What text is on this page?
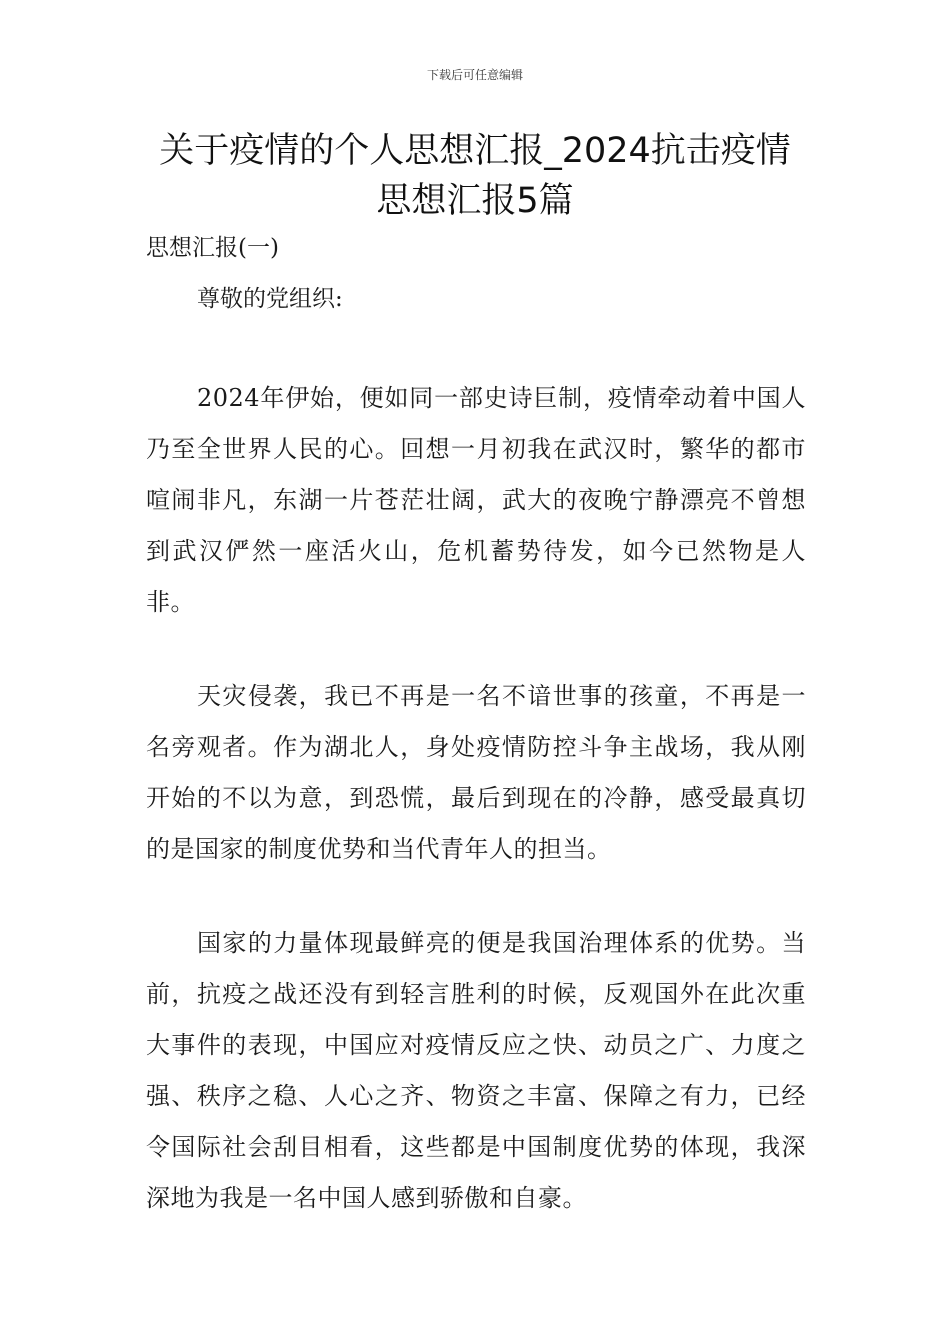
下载后可任意编辑
关于疫情的个人思想汇报_2024抗击疫情思想汇报5篇
思想汇报(一)
尊敬的党组织:

2024年伊始，便如同一部史诗巨制，疫情牵动着中国人乃至全世界人民的心。回想一月初我在武汉时，繁华的都市喧闹非凡，东湖一片苍茫壮阔，武大的夜晚宁静漂亮不曾想到武汉俨然一座活火山，危机蓄势待发，如今已然物是人非。

天灾侵袭，我已不再是一名不谙世事的孩童，不再是一名旁观者。作为湖北人，身处疫情防控斗争主战场，我从刚开始的不以为意，到恐慌，最后到现在的冷静，感受最真切的是国家的制度优势和当代青年人的担当。

国家的力量体现最鲜亮的便是我国治理体系的优势。当前，抗疫之战还没有到轻言胜利的时候，反观国外在此次重大事件的表现，中国应对疫情反应之快、动员之广、力度之强、秩序之稳、人心之齐、物资之丰富、保障之有力，已经令国际社会刮目相看，这些都是中国制度优势的体现，我深深地为我是一名中国人感到骄傲和自豪。
